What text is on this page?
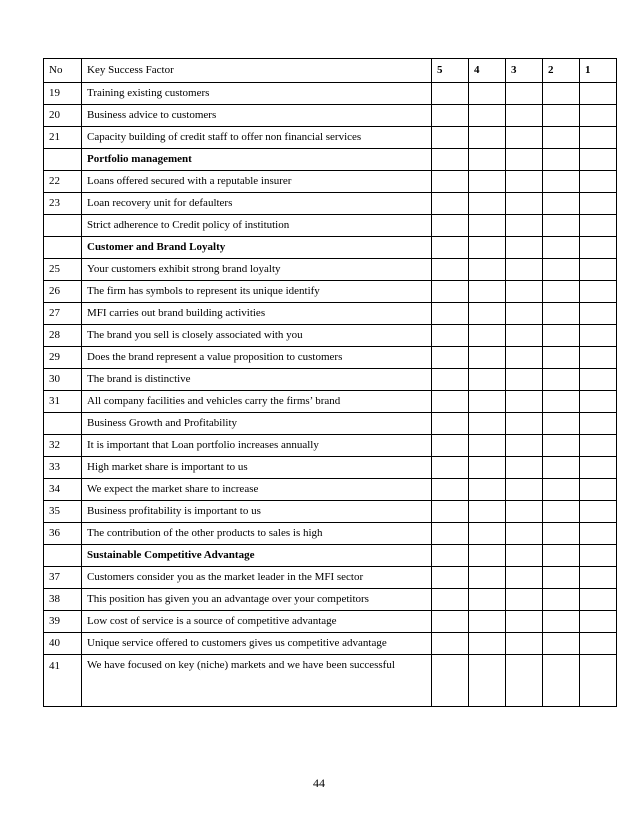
No	Key Success Factor	5	4	3	2	1
19	Training existing customers					
20	Business advice to customers					
21	Capacity building of credit staff to offer non financial services					
	Portfolio management					
22	Loans offered secured with a reputable insurer					
23	Loan recovery unit for defaulters					
	Strict adherence to Credit policy of institution					
	Customer and Brand Loyalty					
25	Your customers exhibit strong brand loyalty					
26	The firm has symbols to represent its unique identify					
27	MFI carries out brand building activities					
28	The brand you sell is closely associated with you					
29	Does the brand represent a value proposition to customers					
30	The brand is distinctive					
31	All company facilities and vehicles carry the firms’ brand					
	Business Growth and Profitability					
32	It is important that Loan portfolio increases annually					
33	High market share is important to us					
34	We expect the market share to increase					
35	Business profitability is important to us					
36	The contribution of the other products to sales is high					
	Sustainable Competitive Advantage					
37	Customers consider you as the market leader in the MFI sector					
38	This position has given you an advantage over your competitors					
39	Low cost of service is a source of competitive advantage					
40	Unique service offered to customers gives us competitive advantage					
41	We have focused on key (niche) markets and we have been successful					
44
